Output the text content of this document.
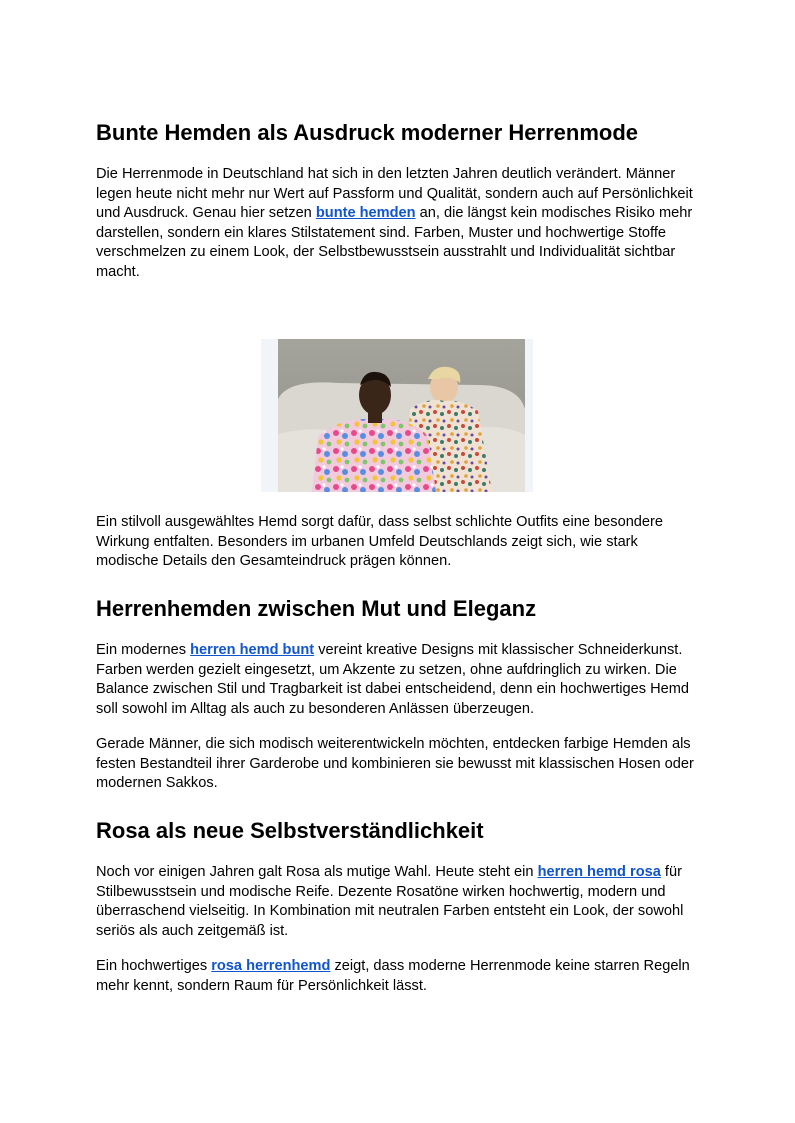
Bunte Hemden als Ausdruck moderner Herrenmode

Die Herrenmode in Deutschland hat sich in den letzten Jahren deutlich verändert. Männer legen heute nicht mehr nur Wert auf Passform und Qualität, sondern auch auf Persönlichkeit und Ausdruck. Genau hier setzen bunte hemden an, die längst kein modisches Risiko mehr darstellen, sondern ein klares Stilstatement sind. Farben, Muster und hochwertige Stoffe verschmelzen zu einem Look, der Selbstbewusstsein ausstrahlt und Individualität sichtbar macht.

Ein stilvoll ausgewähltes Hemd sorgt dafür, dass selbst schlichte Outfits eine besondere Wirkung entfalten. Besonders im urbanen Umfeld Deutschlands zeigt sich, wie stark modische Details den Gesamteindruck prägen können.

Herrenhemden zwischen Mut und Eleganz

Ein modernes herren hemd bunt vereint kreative Designs mit klassischer Schneiderkunst. Farben werden gezielt eingesetzt, um Akzente zu setzen, ohne aufdringlich zu wirken. Die Balance zwischen Stil und Tragbarkeit ist dabei entscheidend, denn ein hochwertiges Hemd soll sowohl im Alltag als auch zu besonderen Anlässen überzeugen.

Gerade Männer, die sich modisch weiterentwickeln möchten, entdecken farbige Hemden als festen Bestandteil ihrer Garderobe und kombinieren sie bewusst mit klassischen Hosen oder modernen Sakkos.

Rosa als neue Selbstverständlichkeit

Noch vor einigen Jahren galt Rosa als mutige Wahl. Heute steht ein herren hemd rosa für Stilbewusstsein und modische Reife. Dezente Rosatöne wirken hochwertig, modern und überraschend vielseitig. In Kombination mit neutralen Farben entsteht ein Look, der sowohl seriös als auch zeitgemäß ist.

Ein hochwertiges rosa herrenhemd zeigt, dass moderne Herrenmode keine starren Regeln mehr kennt, sondern Raum für Persönlichkeit lässt.
